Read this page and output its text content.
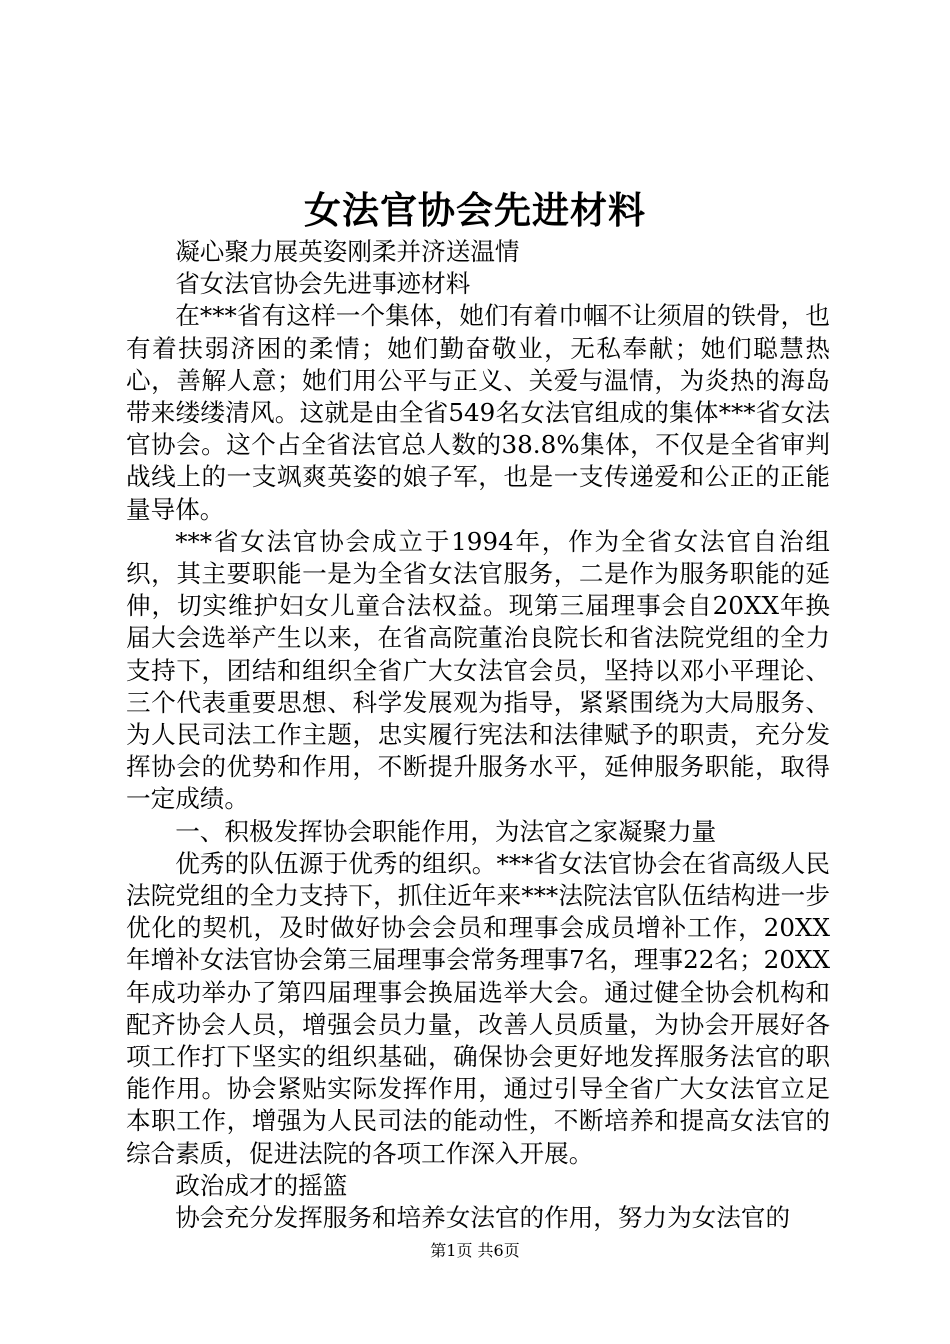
女法官协会先进材料

凝心聚力展英姿刚柔并济送温情

省女法官协会先进事迹材料

在***省有这样一个集体，她们有着巾帼不让须眉的铁骨，也有着扶弱济困的柔情；她们勤奋敬业，无私奉献；她们聪慧热心，善解人意；她们用公平与正义、关爱与温情，为炎热的海岛带来缕缕清风。这就是由全省549名女法官组成的集体***省女法官协会。这个占全省法官总人数的38.8%集体，不仅是全省审判战线上的一支飒爽英姿的娘子军，也是一支传递爱和公正的正能量导体。

***省女法官协会成立于1994年，作为全省女法官自治组织，其主要职能一是为全省女法官服务，二是作为服务职能的延伸，切实维护妇女儿童合法权益。现第三届理事会自20XX年换届大会选举产生以来，在省高院董治良院长和省法院党组的全力支持下，团结和组织全省广大女法官会员，坚持以邓小平理论、三个代表重要思想、科学发展观为指导，紧紧围绕为大局服务、为人民司法工作主题，忠实履行宪法和法律赋予的职责，充分发挥协会的优势和作用，不断提升服务水平，延伸服务职能，取得一定成绩。

一、积极发挥协会职能作用，为法官之家凝聚力量

优秀的队伍源于优秀的组织。***省女法官协会在省高级人民法院党组的全力支持下，抓住近年来***法院法官队伍结构进一步优化的契机，及时做好协会会员和理事会成员增补工作，20XX年增补女法官协会第三届理事会常务理事7名，理事22名；20XX年成功举办了第四届理事会换届选举大会。通过健全协会机构和配齐协会人员，增强会员力量，改善人员质量，为协会开展好各项工作打下坚实的组织基础，确保协会更好地发挥服务法官的职能作用。协会紧贴实际发挥作用，通过引导全省广大女法官立足本职工作，增强为人民司法的能动性，不断培养和提高女法官的综合素质，促进法院的各项工作深入开展。

政治成才的摇篮

协会充分发挥服务和培养女法官的作用，努力为女法官的

第1页 共6页
